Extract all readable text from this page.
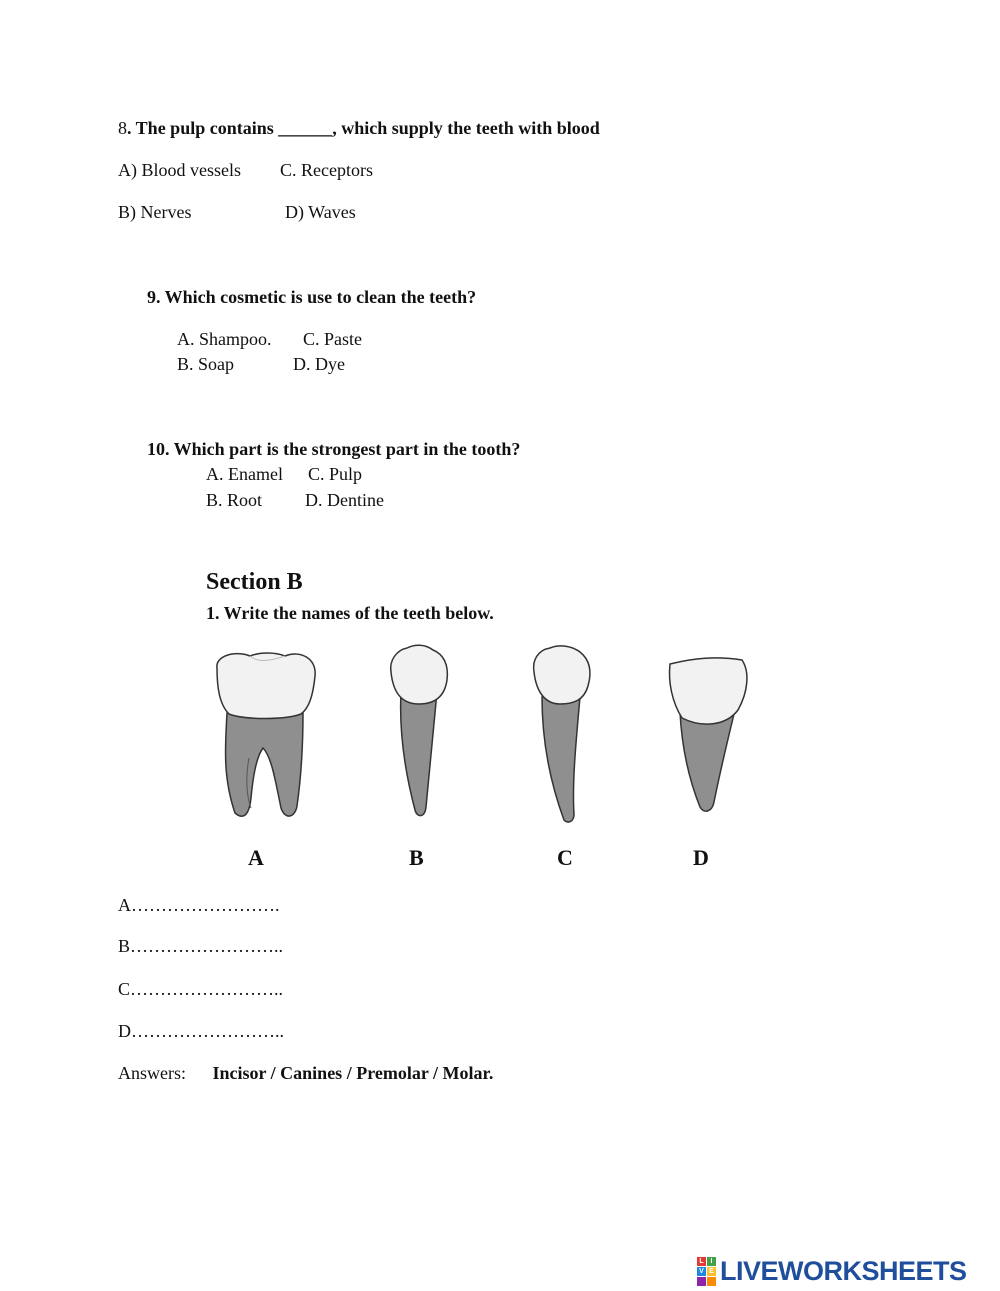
8. The pulp contains ______, which supply the teeth with blood
A) Blood vessels C. Receptors
B) Nerves	D) Waves
9. Which cosmetic is use to clean the teeth?
A. Shampoo. C. Paste
B. Soap	D. Dye
10. Which part is the strongest part in the tooth?
A. Enamel C. Pulp
B. Root D. Dentine
Section B
1. Write the names of the teeth below.
A	B	C	D
A…………………….
B……………………..
C……………………..
D……………………..
Answers: Incisor / Canines / Premolar / Molar.
L I
V E LIVEWORKSHEETS
